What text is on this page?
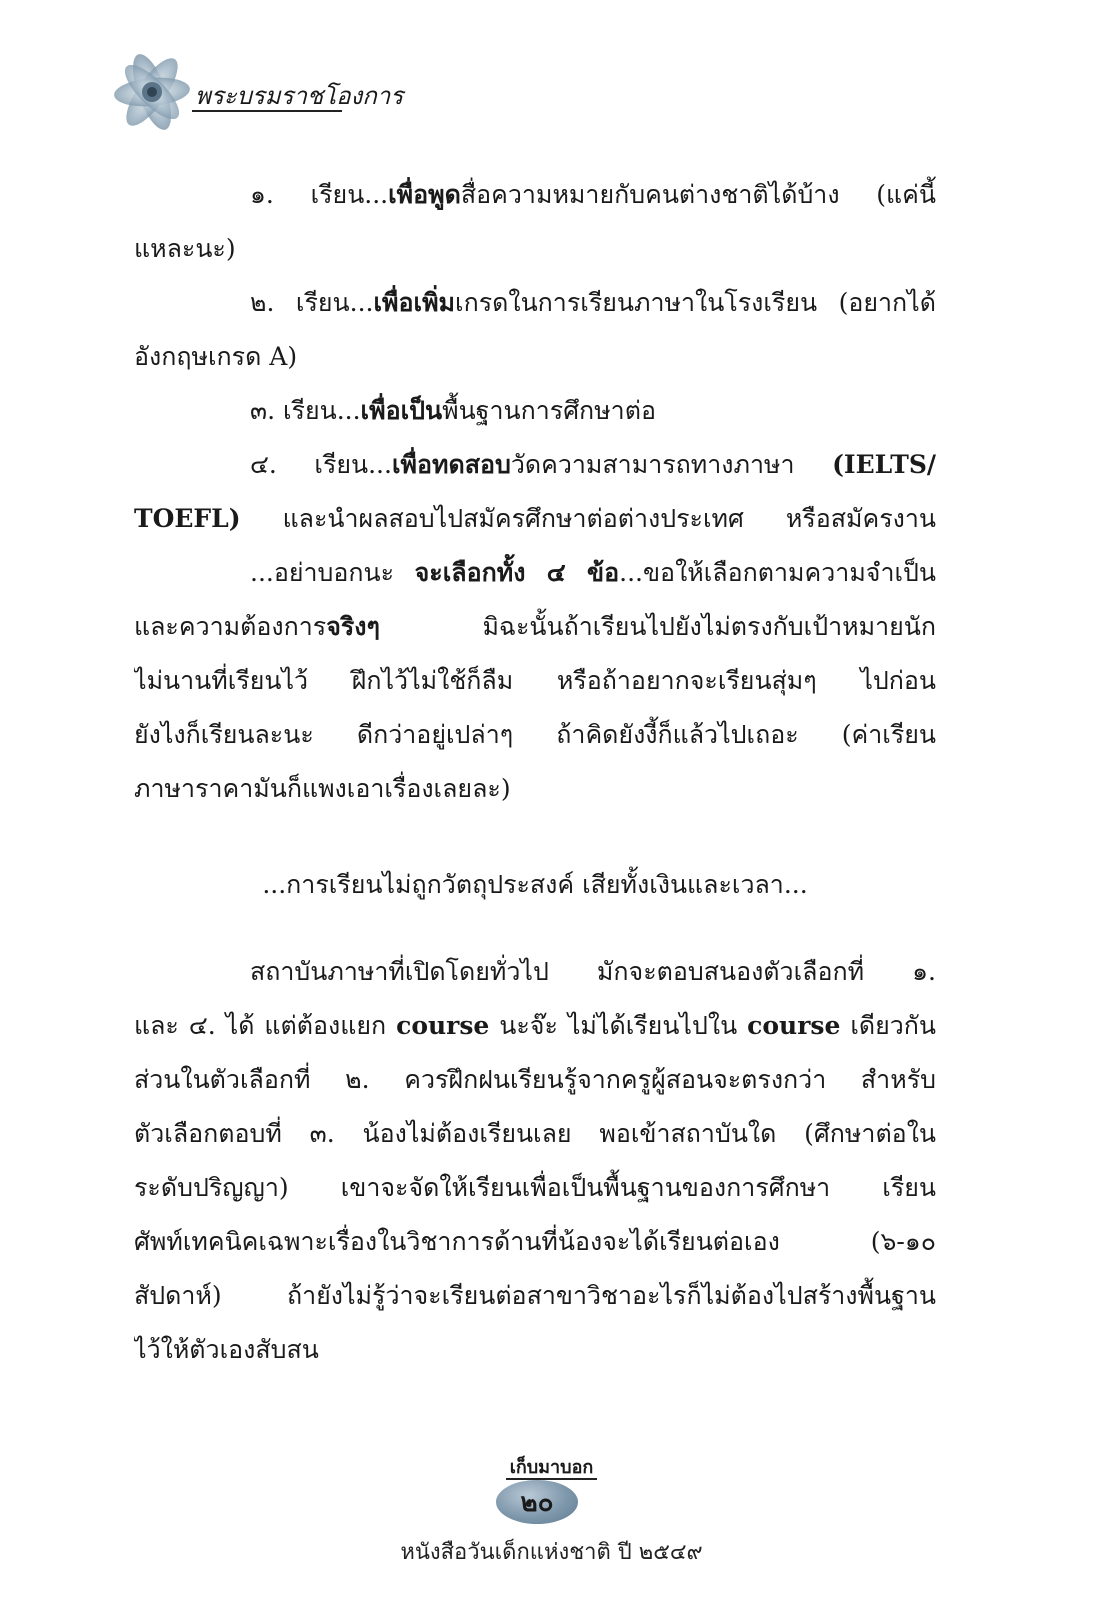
พระบรมราชโองการ
๑. เรียน...เพื่อพูดสื่อความหมายกับคนต่างชาติได้บ้าง (แค่นี้
แหละนะ)
๒. เรียน...เพื่อเพิ่มเกรดในการเรียนภาษาในโรงเรียน (อยากได้
อังกฤษเกรด A)
๓. เรียน...เพื่อเป็นพื้นฐานการศึกษาต่อ
๔. เรียน...เพื่อทดสอบวัดความสามารถทางภาษา (IELTS/
TOEFL) และนำผลสอบไปสมัครศึกษาต่อต่างประเทศ หรือสมัครงาน
...อย่าบอกนะ จะเลือกทั้ง ๔ ข้อ...ขอให้เลือกตามความจำเป็น
และความต้องการจริงๆ มิฉะนั้นถ้าเรียนไปยังไม่ตรงกับเป้าหมายนัก
ไม่นานที่เรียนไว้ ฝึกไว้ไม่ใช้ก็ลืม หรือถ้าอยากจะเรียนสุ่มๆ ไปก่อน
ยังไงก็เรียนละนะ ดีกว่าอยู่เปล่าๆ ถ้าคิดยังงี้ก็แล้วไปเถอะ (ค่าเรียน
ภาษาราคามันก็แพงเอาเรื่องเลยละ)
...การเรียนไม่ถูกวัตถุประสงค์ เสียทั้งเงินและเวลา...
สถาบันภาษาที่เปิดโดยทั่วไป มักจะตอบสนองตัวเลือกที่ ๑.
และ ๔. ได้ แต่ต้องแยก course นะจ๊ะ ไม่ได้เรียนไปใน course เดียวกัน
ส่วนในตัวเลือกที่ ๒. ควรฝึกฝนเรียนรู้จากครูผู้สอนจะตรงกว่า สำหรับ
ตัวเลือกตอบที่ ๓. น้องไม่ต้องเรียนเลย พอเข้าสถาบันใด (ศึกษาต่อใน
ระดับปริญญา) เขาจะจัดให้เรียนเพื่อเป็นพื้นฐานของการศึกษา เรียน
ศัพท์เทคนิคเฉพาะเรื่องในวิชาการด้านที่น้องจะได้เรียนต่อเอง (๖-๑๐
สัปดาห์) ถ้ายังไม่รู้ว่าจะเรียนต่อสาขาวิชาอะไรก็ไม่ต้องไปสร้างพื้นฐาน
ไว้ให้ตัวเองสับสน
เก็บมาบอก
๒๐
หนังสือวันเด็กแห่งชาติ ปี ๒๕๔๙
